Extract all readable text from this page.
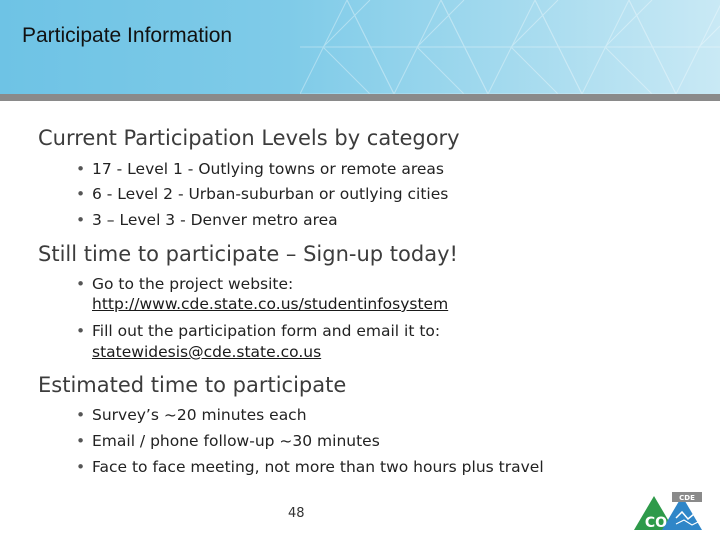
Participate Information
Current Participation Levels by category
• 17 - Level 1 - Outlying towns or remote areas
• 6 - Level 2 - Urban-suburban or outlying cities
• 3 – Level 3 - Denver metro area
Still time to participate – Sign-up today!
• Go to the project website:
http://www.cde.state.co.us/studentinfosystem
• Fill out the participation form and email it to:
statewidesis@cde.state.co.us
Estimated time to participate
• Survey’s ~20 minutes each
• Email / phone follow-up ~30 minutes
• Face to face meeting, not more than two hours plus travel
48
CDE
CO
